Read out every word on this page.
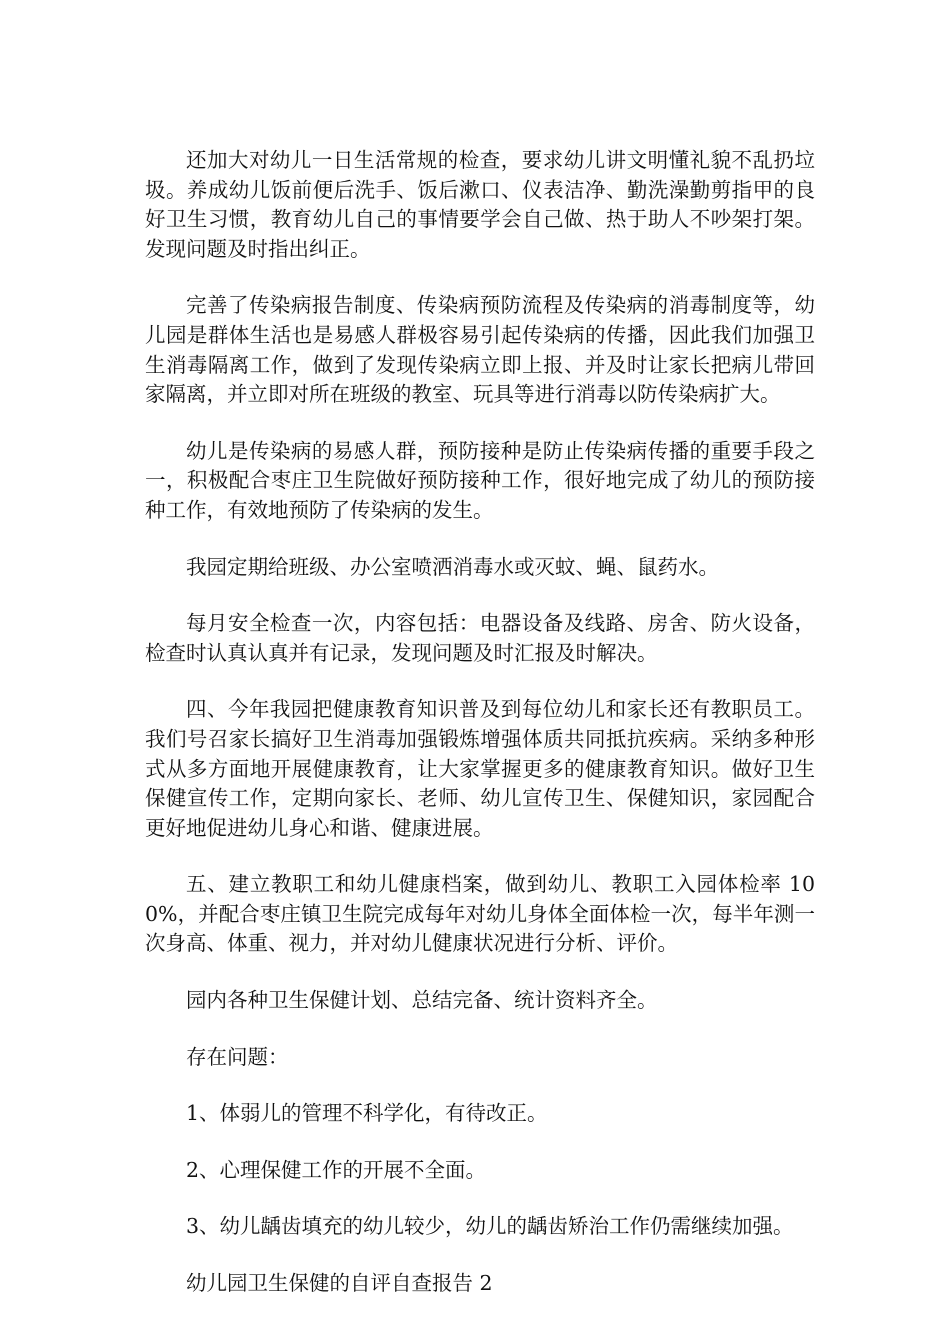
还加大对幼儿一日生活常规的检查，要求幼儿讲文明懂礼貌不乱扔垃圾。养成幼儿饭前便后洗手、饭后漱口、仪表洁净、勤洗澡勤剪指甲的良好卫生习惯，教育幼儿自己的事情要学会自己做、热于助人不吵架打架。发现问题及时指出纠正。

完善了传染病报告制度、传染病预防流程及传染病的消毒制度等，幼儿园是群体生活也是易感人群极容易引起传染病的传播，因此我们加强卫生消毒隔离工作，做到了发现传染病立即上报、并及时让家长把病儿带回家隔离，并立即对所在班级的教室、玩具等进行消毒以防传染病扩大。

幼儿是传染病的易感人群，预防接种是防止传染病传播的重要手段之一，积极配合枣庄卫生院做好预防接种工作，很好地完成了幼儿的预防接种工作，有效地预防了传染病的发生。

我园定期给班级、办公室喷洒消毒水或灭蚊、蝇、鼠药水。

每月安全检查一次，内容包括：电器设备及线路、房舍、防火设备，检查时认真认真并有记录，发现问题及时汇报及时解决。

四、今年我园把健康教育知识普及到每位幼儿和家长还有教职员工。我们号召家长搞好卫生消毒加强锻炼增强体质共同抵抗疾病。采纳多种形式从多方面地开展健康教育，让大家掌握更多的健康教育知识。做好卫生保健宣传工作，定期向家长、老师、幼儿宣传卫生、保健知识，家园配合更好地促进幼儿身心和谐、健康进展。

五、建立教职工和幼儿健康档案，做到幼儿、教职工入园体检率 100%，并配合枣庄镇卫生院完成每年对幼儿身体全面体检一次，每半年测一次身高、体重、视力，并对幼儿健康状况进行分析、评价。

园内各种卫生保健计划、总结完备、统计资料齐全。

存在问题：

1、体弱儿的管理不科学化，有待改正。

2、心理保健工作的开展不全面。

3、幼儿龋齿填充的幼儿较少，幼儿的龋齿矫治工作仍需继续加强。

幼儿园卫生保健的自评自查报告 2
